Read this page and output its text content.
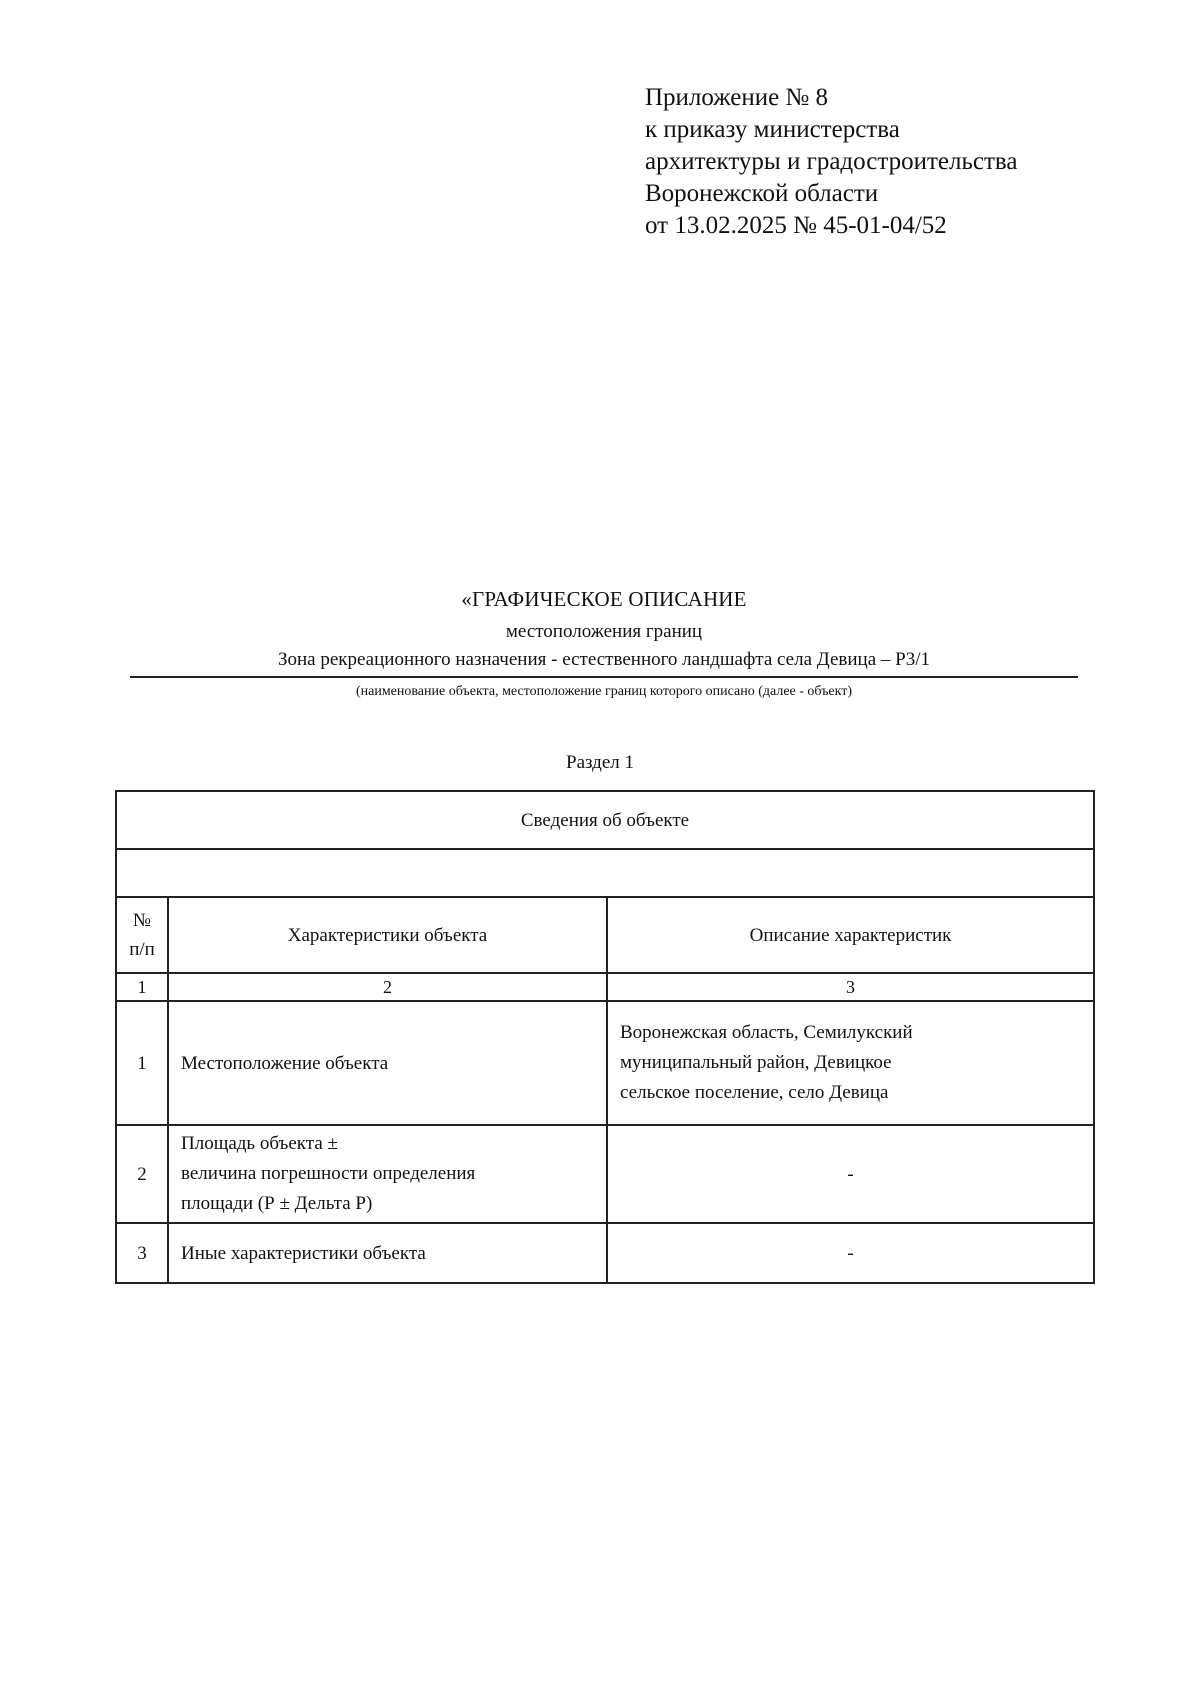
Приложение № 8
к приказу министерства
архитектуры и градостроительства
Воронежской области
от 13.02.2025 № 45-01-04/52
«ГРАФИЧЕСКОЕ ОПИСАНИЕ
местоположения границ
Зона рекреационного назначения - естественного ландшафта села Девица – Р3/1
(наименование объекта, местоположение границ которого описано (далее - объект)
Раздел 1
Сведения об объекте		

№
п/п	Характеристики объекта	Описание характеристик
1	2	3
1	Местоположение объекта	Воронежская область, Семилукский
муниципальный район, Девицкое
сельское поселение, село Девица

2	Площадь объекта ±
величина погрешности определения
площади (Р ± Дельта Р)	-
3	Иные характеристики объекта	-
